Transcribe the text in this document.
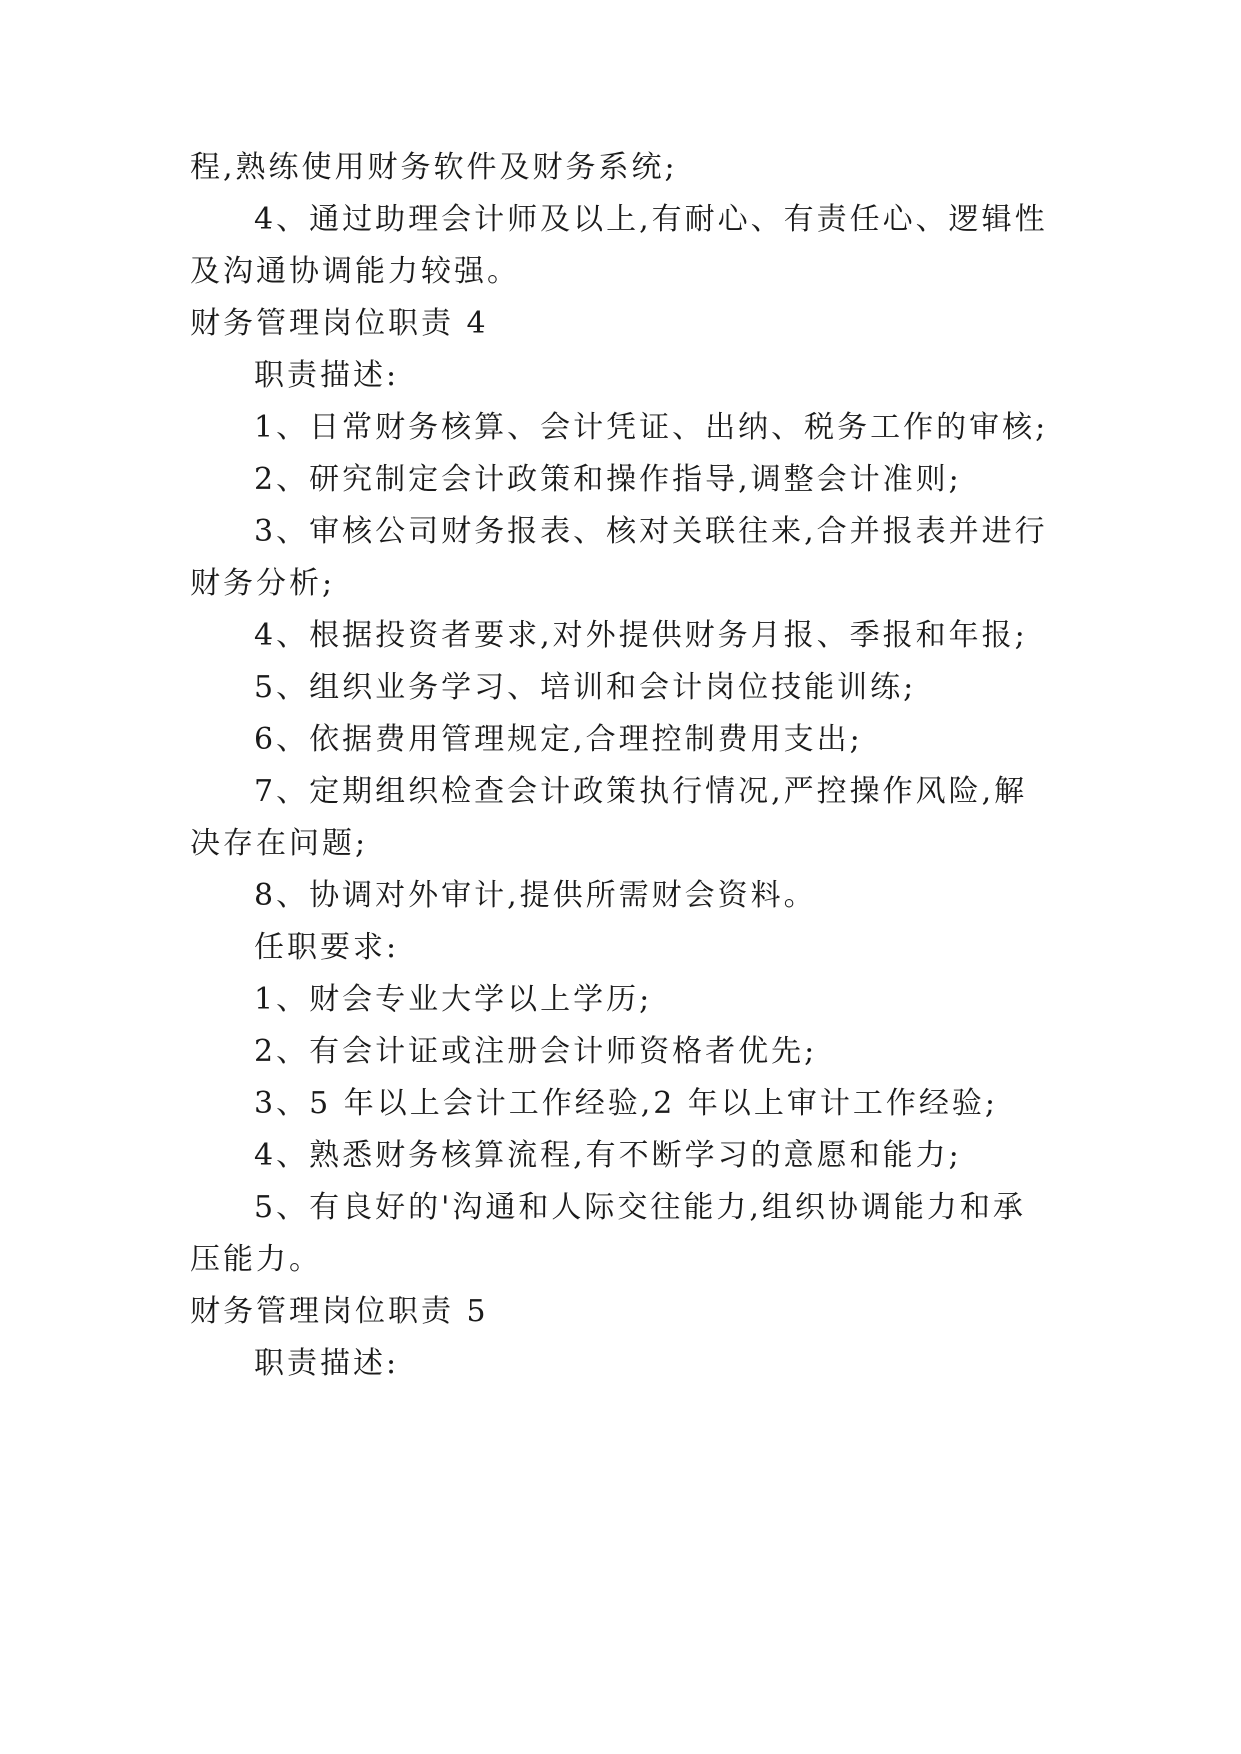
程,熟练使用财务软件及财务系统;
4、通过助理会计师及以上,有耐心、有责任心、逻辑性
及沟通协调能力较强。
财务管理岗位职责 4
职责描述:
1、日常财务核算、会计凭证、出纳、税务工作的审核;
2、研究制定会计政策和操作指导,调整会计准则;
3、审核公司财务报表、核对关联往来,合并报表并进行
财务分析;
4、根据投资者要求,对外提供财务月报、季报和年报;
5、组织业务学习、培训和会计岗位技能训练;
6、依据费用管理规定,合理控制费用支出;
7、定期组织检查会计政策执行情况,严控操作风险,解
决存在问题;
8、协调对外审计,提供所需财会资料。
任职要求:
1、财会专业大学以上学历;
2、有会计证或注册会计师资格者优先;
3、5 年以上会计工作经验,2 年以上审计工作经验;
4、熟悉财务核算流程,有不断学习的意愿和能力;
5、有良好的'沟通和人际交往能力,组织协调能力和承
压能力。
财务管理岗位职责 5
职责描述:
